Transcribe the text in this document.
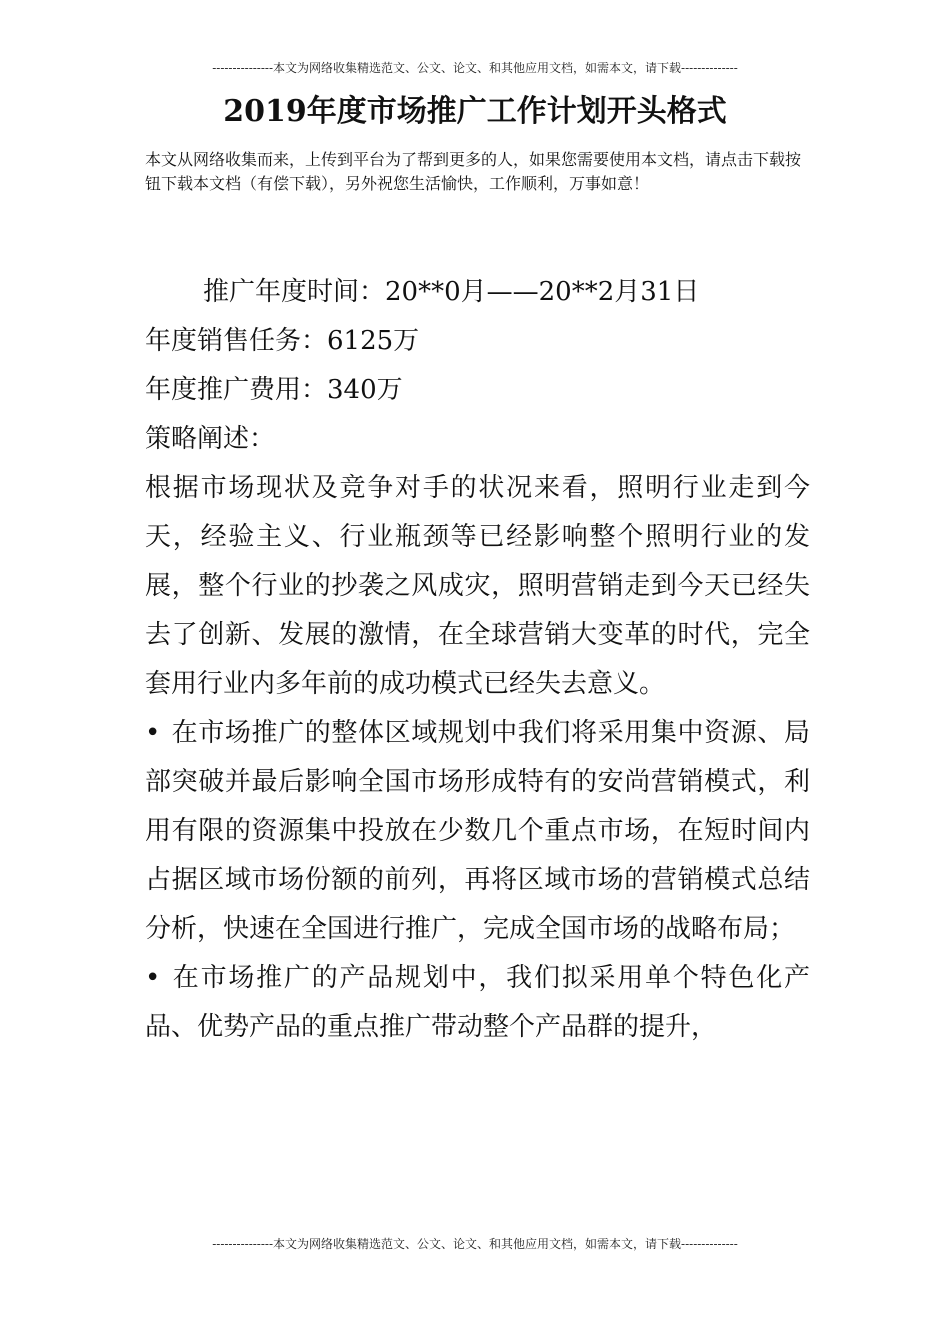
---------------本文为网络收集精选范文、公文、论文、和其他应用文档，如需本文，请下载--------------
2019年度市场推广工作计划开头格式
本文从网络收集而来，上传到平台为了帮到更多的人，如果您需要使用本文档，请点击下载按钮下载本文档（有偿下载），另外祝您生活愉快，工作顺利，万事如意！

推广年度时间：20**0月——20**2月31日

年度销售任务：6125万

年度推广费用：340万

策略阐述：

根据市场现状及竞争对手的状况来看，照明行业走到今天，经验主义、行业瓶颈等已经影响整个照明行业的发展，整个行业的抄袭之风成灾，照明营销走到今天已经失去了创新、发展的激情，在全球营销大变革的时代，完全套用行业内多年前的成功模式已经失去意义。

• 在市场推广的整体区域规划中我们将采用集中资源、局部突破并最后影响全国市场形成特有的安尚营销模式，利用有限的资源集中投放在少数几个重点市场，在短时间内占据区域市场份额的前列，再将区域市场的营销模式总结分析，快速在全国进行推广，完成全国市场的战略布局；

• 在市场推广的产品规划中，我们拟采用单个特色化产品、优势产品的重点推广带动整个产品群的提升，

---------------本文为网络收集精选范文、公文、论文、和其他应用文档，如需本文，请下载--------------
